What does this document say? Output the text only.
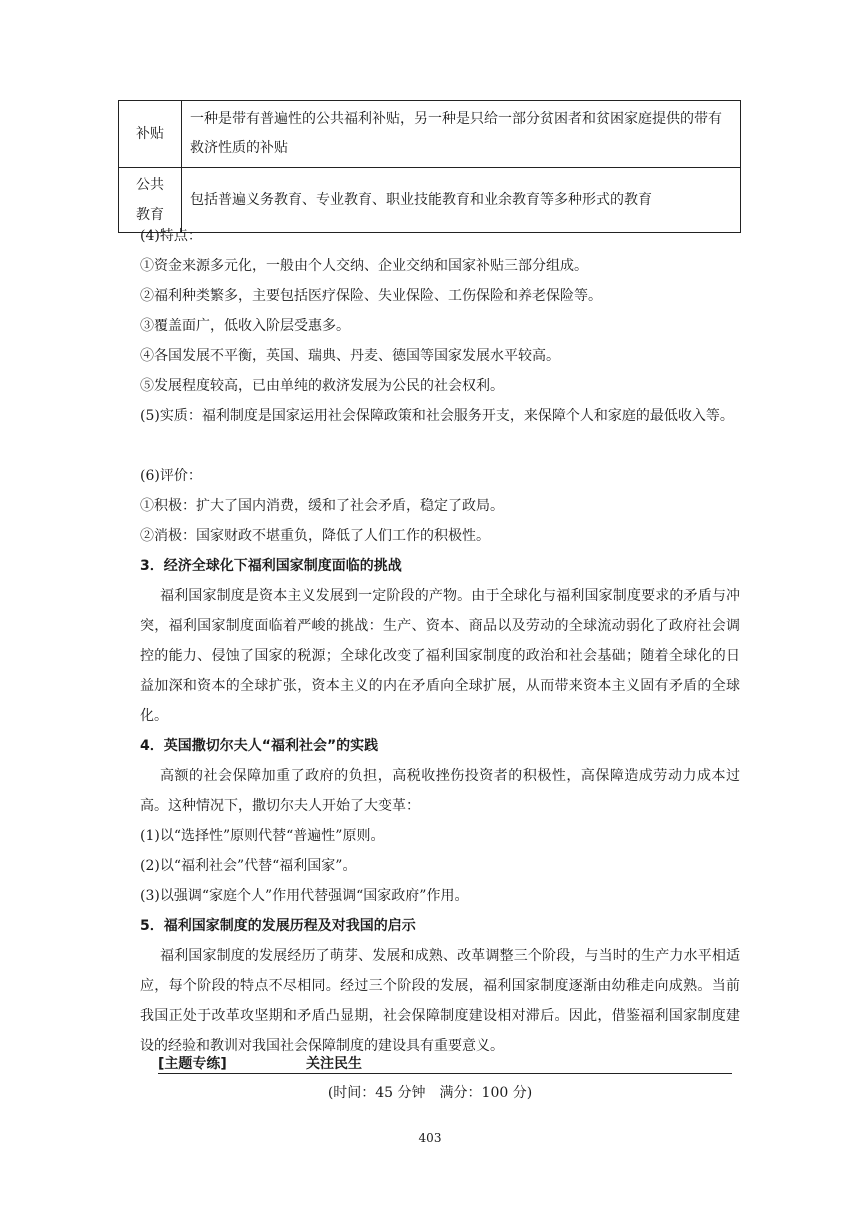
补贴	一种是带有普遍性的公共福利补贴，另一种是只给一部分贫困者和贫困家庭提供的带有救济性质的补贴

公共教育	包括普遍义务教育、专业教育、职业技能教育和业余教育等多种形式的教育
(4)特点：
①资金来源多元化，一般由个人交纳、企业交纳和国家补贴三部分组成。
②福利种类繁多，主要包括医疗保险、失业保险、工伤保险和养老保险等。
③覆盖面广，低收入阶层受惠多。
④各国发展不平衡，英国、瑞典、丹麦、德国等国家发展水平较高。
⑤发展程度较高，已由单纯的救济发展为公民的社会权利。
(5)实质：福利制度是国家运用社会保障政策和社会服务开支，来保障个人和家庭的最低收入等。
(6)评价：
①积极：扩大了国内消费，缓和了社会矛盾，稳定了政局。
②消极：国家财政不堪重负，降低了人们工作的积极性。
3．经济全球化下福利国家制度面临的挑战
福利国家制度是资本主义发展到一定阶段的产物。由于全球化与福利国家制度要求的矛盾与冲突，福利国家制度面临着严峻的挑战：生产、资本、商品以及劳动的全球流动弱化了政府社会调控的能力、侵蚀了国家的税源；全球化改变了福利国家制度的政治和社会基础；随着全球化的日益加深和资本的全球扩张，资本主义的内在矛盾向全球扩展，从而带来资本主义固有矛盾的全球化。
4．英国撒切尔夫人“福利社会”的实践
高额的社会保障加重了政府的负担，高税收挫伤投资者的积极性，高保障造成劳动力成本过高。这种情况下，撒切尔夫人开始了大变革：
(1)以“选择性”原则代替“普遍性”原则。
(2)以“福利社会”代替“福利国家”。
(3)以强调“家庭个人”作用代替强调“国家政府”作用。
5．福利国家制度的发展历程及对我国的启示
福利国家制度的发展经历了萌芽、发展和成熟、改革调整三个阶段，与当时的生产力水平相适应，每个阶段的特点不尽相同。经过三个阶段的发展，福利国家制度逐渐由幼稚走向成熟。当前我国正处于改革攻坚期和矛盾凸显期，社会保障制度建设相对滞后。因此，借鉴福利国家制度建设的经验和教训对我国社会保障制度的建设具有重要意义。
[主题专练]	关注民生
(时间：45 分钟　满分：100 分)
403
